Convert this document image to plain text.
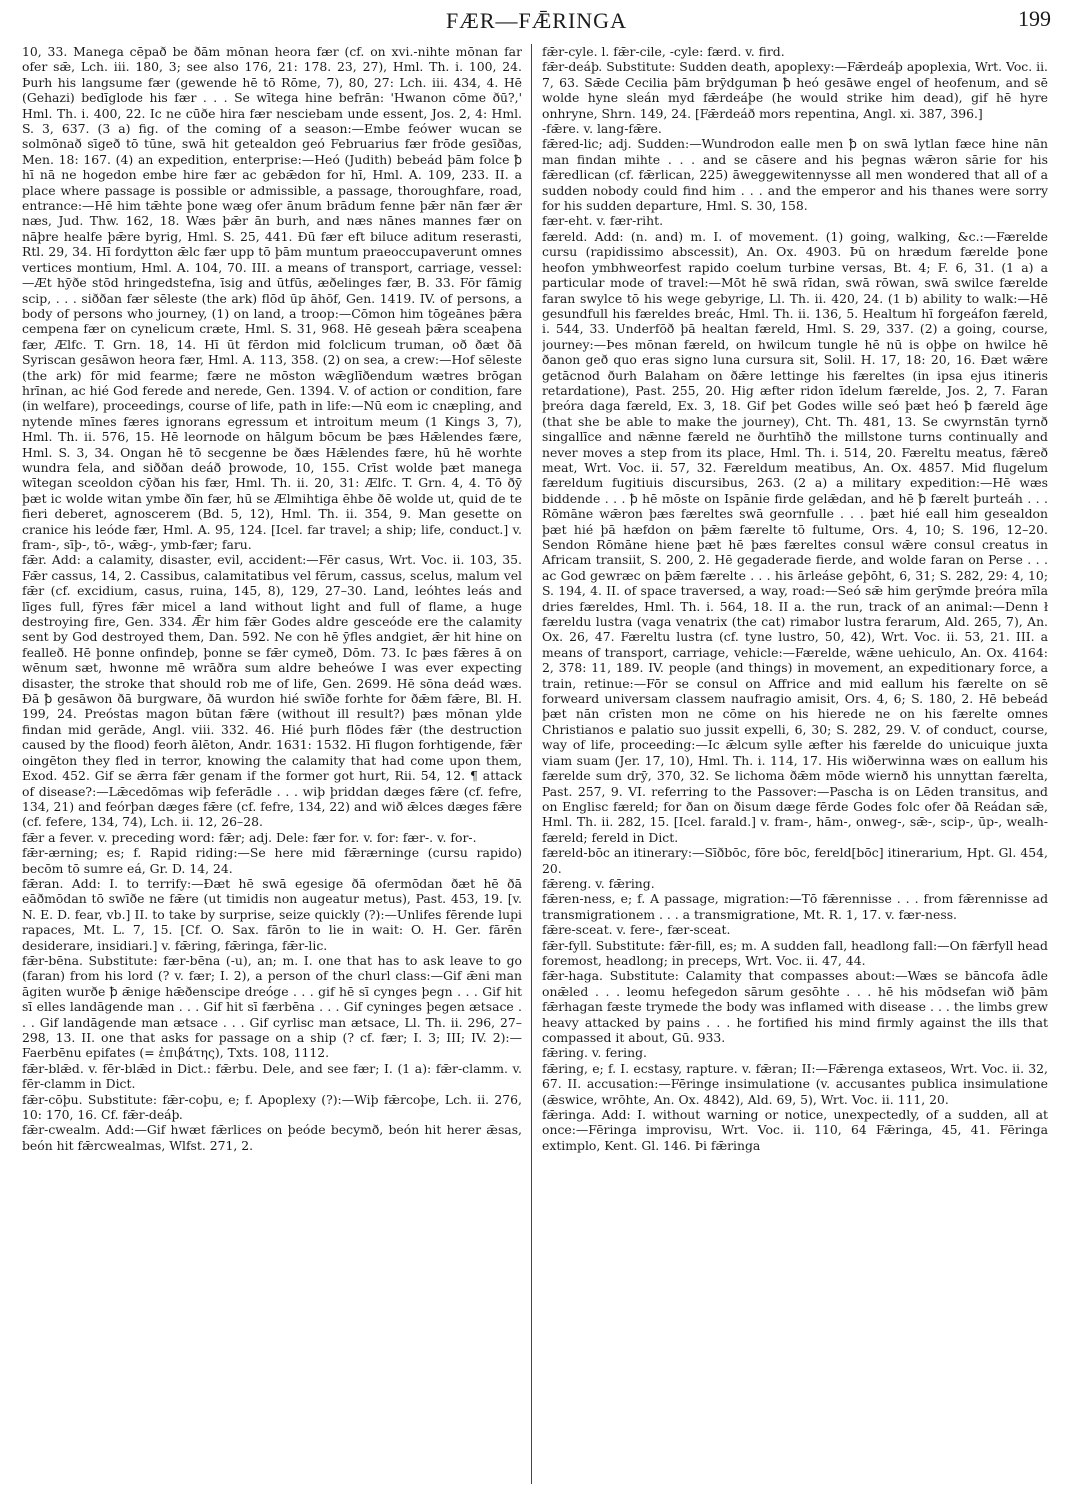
FÆR—FǢRINGA	199

10, 33. Manega cēpað be ðām mōnan heora fær (cf. on xvi.-nihte mōnan far ofer sǣ, Lch. iii. 180, 3; see also 176, 21: 178. 23, 27), Hml. Th. i. 100, 24. Þurh his langsume fær (gewende hē tō Rōme, 7), 80, 27: Lch. iii. 434, 4. Hē (Gehazi) bedīglode his fær . . . Se wītega hine befrān: 'Hwanon cōme ðū?,' Hml. Th. i. 400, 22. Ic ne cūðe hira fær nesciebam unde essent, Jos. 2, 4: Hml. S. 3, 637. (3 a) fig. of the coming of a season:—Embe feówer wucan se solmōnað sīgeð tō tūne, swā hit getealdon geó Februarius fær frōde gesīðas, Men. 18: 167. (4) an expedition, enterprise:—Heó (Judith) bebeád þām folce ꝥ hī nā ne hogedon embe hire fær ac gebǣdon for hī, Hml. A. 109, 233. II. a place where passage is possible or admissible, a passage, thoroughfare, road, entrance:—Hē him tǣhte þone wæg ofer ānum brādum fenne þǣr nān fær ǣr næs, Jud. Thw. 162, 18. Wæs þǣr ān burh, and næs nānes mannes fær on nāþre healfe þǣre byrig, Hml. S. 25, 441. Ðū fær eft biluce aditum reserasti, Rtl. 29, 34. Hī fordytton ǣlc fær upp tō þām muntum praeoccupaverunt omnes vertices montium, Hml. A. 104, 70. III. a means of transport, carriage, vessel:—Æt hȳðe stōd hringedstefna, īsig and ūtfūs, æðelinges fær, B. 33. Fōr fāmig scip, . . . siððan fær sēleste (the ark) flōd ūp āhōf, Gen. 1419. IV. of persons, a body of persons who journey, (1) on land, a troop:—Cōmon him tōgeānes þǣra cempena fær on cynelicum cræte, Hml. S. 31, 968. Hē geseah þǣra sceaþena fær, Ælfc. T. Grn. 18, 14. Hī ūt fērdon mid folclicum truman, oð ðæt ðā Syriscan gesāwon heora fær, Hml. A. 113, 358. (2) on sea, a crew:—Hof sēleste (the ark) fōr mid fearme; fære ne mōston wǣglīðendum wætres brōgan hrīnan, ac hié God ferede and nerede, Gen. 1394. V. of action or condition, fare (in welfare), proceedings, course of life, path in life:—Nū eom ic cnæpling, and nytende mīnes færes ignorans egressum et introitum meum (1 Kings 3, 7), Hml. Th. ii. 576, 15. Hē leornode on hālgum bōcum be þæs Hǣlendes fære, Hml. S. 3, 34. Ongan hē tō secgenne be ðæs Hǣlendes fære, hū hē worhte wundra fela, and siððan deáð þrowode, 10, 155. Crīst wolde þæt manega wītegan sceoldon cȳðan his fær, Hml. Th. ii. 20, 31: Ælfc. T. Grn. 4, 4. Tō ðȳ þæt ic wolde witan ymbe ðīn fær, hū se Ælmihtiga ēhbe ðē wolde ut, quid de te fieri deberet, agnoscerem (Bd. 5, 12), Hml. Th. ii. 354, 9. Man gesette on cranice his leóde fær, Hml. A. 95, 124. [Icel. far travel; a ship; life, conduct.] v. fram-, sīþ-, tō-, wǣg-, ymb-fær; faru.

fǣr. Add: a calamity, disaster, evil, accident:—Fēr casus, Wrt. Voc. ii. 103, 35. Fǣr cassus, 14, 2. Cassibus, calamitatibus vel fērum, cassus, scelus, malum vel fǣr (cf. excidium, casus, ruina, 145, 8), 129, 27–30. Land, leóhtes leás and līges full, fȳres fǣr micel a land without light and full of flame, a huge destroying fire, Gen. 334. Ǣr him fǣr Godes aldre gesceóde ere the calamity sent by God destroyed them, Dan. 592. Ne con hē ȳfles andgiet, ǣr hit hine on fealleð. Hē þonne onfindeþ, þonne se fǣr cymeð, Dōm. 73. Ic þæs fǣres ā on wēnum sæt, hwonne mē wrāðra sum aldre beheówe I was ever expecting disaster, the stroke that should rob me of life, Gen. 2699. Hē sōna deád wæs. Ðā ꝥ gesāwon ðā burgware, ðā wurdon hié swīðe forhte for ðǣm fǣre, Bl. H. 199, 24. Preóstas magon būtan fǣre (without ill result?) þæs mōnan ylde findan mid gerāde, Angl. viii. 332. 46. Hié þurh flōdes fǣr (the destruction caused by the flood) feorh ālēton, Andr. 1631: 1532. Hī flugon forhtigende, fǣr oingēton they fled in terror, knowing the calamity that had come upon them, Exod. 452. Gif se ǣrra fǣr genam if the former got hurt, Rii. 54, 12. ¶ attack of disease?:—Lǣcedōmas wiþ feferādle . . . wiþ þriddan dæges fǣre (cf. fefre, 134, 21) and feórþan dæges fǣre (cf. fefre, 134, 22) and wið ǣlces dæges fǣre (cf. fefere, 134, 74), Lch. ii. 12, 26–28.

fǣr a fever. v. preceding word: fǣr; adj. Dele: fær for. v. for: fær-. v. for-.

fǣr-ærning; es; f. Rapid riding:—Se here mid fǣrærninge (cursu rapido) becōm tō sumre eá, Gr. D. 14, 24.

fǣran. Add: I. to terrify:—Ðæt hē swā egesige ðā ofermōdan ðæt hē ðā eāðmōdan tō swīðe ne fǣre (ut timidis non augeatur metus), Past. 453, 19. [v. N. E. D. fear, vb.] II. to take by surprise, seize quickly (?):—Unlifes fērende lupi rapaces, Mt. L. 7, 15. [Cf. O. Sax. fārōn to lie in wait: O. H. Ger. fārēn desiderare, insidiari.] v. fǣring, fǣringa, fǣr-lic.

fǣr-bēna. Substitute: fær-bēna (-u), an; m. I. one that has to ask leave to go (faran) from his lord (? v. fær; I. 2), a person of the churl class:—Gif ǣni man āgiten wurðe ꝥ ǣnige hǣðenscipe dreóge . . . gif hē sī cynges þegn . . . Gif hit sī elles landāgende man . . . Gif hit sī færbēna . . . Gif cyninges þegen ætsace . . . Gif landāgende man ætsace . . . Gif cyrlisc man ætsace, Ll. Th. ii. 296, 27–298, 13. II. one that asks for passage on a ship (? cf. fær; I. 3; III; IV. 2):—Faerbēnu epifates (= ἐπιβάτης), Txts. 108, 1112.

fǣr-blǣd. v. fēr-blǣd in Dict.: fǣrbu. Dele, and see fær; I. (1 a): fǣr-clamm. v. fēr-clamm in Dict.

fǣr-cōþu. Substitute: fǣr-coþu, e; f. Apoplexy (?):—Wiþ fǣrcoþe, Lch. ii. 276, 10: 170, 16. Cf. fǣr-deáþ.

fǣr-cwealm. Add:—Gif hwæt fǣrlices on þeóde becymð, beón hit herer ǣsas, beón hit fǣrcwealmas, Wlfst. 271, 2.

fǣr-cyle. l. fǣr-cile, -cyle: færd. v. fird.

fǣr-deáþ. Substitute: Sudden death, apoplexy:—Fǣrdeáþ apoplexia, Wrt. Voc. ii. 7, 63. Sǣde Cecilia þām brȳdguman ꝥ heó gesāwe engel of heofenum, and sē wolde hyne sleán myd fǣrdeáþe (he would strike him dead), gif hē hyre onhryne, Shrn. 149, 24. [Fǣrdeáð mors repentina, Angl. xi. 387, 396.]

-fǣre. v. lang-fǣre.

fǣred-lic; adj. Sudden:—Wundrodon ealle men ꝥ on swā lytlan fæce hine nān man findan mihte . . . and se cāsere and his þegnas wǣron sārie for his fǣredlican (cf. fǣrlican, 225) āweggewitennysse all men wondered that all of a sudden nobody could find him . . . and the emperor and his thanes were sorry for his sudden departure, Hml. S. 30, 158.

fær-eht. v. fær-riht.

færeld. Add: (n. and) m. I. of movement. (1) going, walking, &c.:—Færelde cursu (rapidissimo abscessit), An. Ox. 4903. Þū on hrædum færelde þone heofon ymbhweorfest rapido coelum turbine versas, Bt. 4; F. 6, 31. (1 a) a particular mode of travel:—Mōt hē swā rīdan, swā rōwan, swā swilce færelde faran swylce tō his wege gebyrige, Ll. Th. ii. 420, 24. (1 b) ability to walk:—Hē gesundfull his færeldes breác, Hml. Th. ii. 136, 5. Healtum hī forgeáfon færeld, i. 544, 33. Underfōð þā healtan færeld, Hml. S. 29, 337. (2) a going, course, journey:—Þes mōnan færeld, on hwilcum tungle hē nū is oþþe on hwilce hē ðanon geð quo eras signo luna cursura sit, Solil. H. 17, 18: 20, 16. Ðæt wǣre getācnod ðurh Balaham on ðǣre lettinge his færeltes (in ipsa ejus itineris retardatione), Past. 255, 20. Hig æfter ridon īdelum færelde, Jos. 2, 7. Faran þreóra daga færeld, Ex. 3, 18. Gif þet Godes wille seó þæt heó ꝥ færeld āge (that she be able to make the journey), Cht. Th. 481, 13. Se cwyrnstān tyrnð singallīce and nǣnne færeld ne ðurhtīhð the millstone turns continually and never moves a step from its place, Hml. Th. i. 514, 20. Færeltu meatus, fǣreð meat, Wrt. Voc. ii. 57, 32. Færeldum meatibus, An. Ox. 4857. Mid flugelum færeldum fugitiuis discursibus, 263. (2 a) a military expedition:—Hē wæs biddende . . . ꝥ hē mōste on Ispānie firde gelǣdan, and hē ꝥ færelt þurteáh . . . Rōmāne wǣron þæs færeltes swā geornfulle . . . þæt hié eall him gesealdon þæt hié þā hæfdon on þǣm færelte tō fultume, Ors. 4, 10; S. 196, 12–20. Sendon Rōmāne hiene þæt hē þæs færeltes consul wǣre consul creatus in Africam transiit, S. 200, 2. Hē gegaderade fierde, and wolde faran on Perse . . . ac God gewræc on þǣm færelte . . . his ārleáse geþōht, 6, 31; S. 282, 29: 4, 10; S. 194, 4. II. of space traversed, a way, road:—Seó sǣ him gerȳmde þreóra mīla dries færeldes, Hml. Th. i. 564, 18. II a. the run, track of an animal:—Denn ł færeldu lustra (vaga venatrix (the cat) rimabor lustra ferarum, Ald. 265, 7), An. Ox. 26, 47. Færeltu lustra (cf. tyne lustro, 50, 42), Wrt. Voc. ii. 53, 21. III. a means of transport, carriage, vehicle:—Færelde, wǣne uehiculo, An. Ox. 4164: 2, 378: 11, 189. IV. people (and things) in movement, an expeditionary force, a train, retinue:—Fōr se consul on Affrice and mid eallum his færelte on sē forweard universam classem naufragio amisit, Ors. 4, 6; S. 180, 2. Hē bebeád þæt nān crīsten mon ne cōme on his hierede ne on his færelte omnes Christianos e palatio suo jussit expelli, 6, 30; S. 282, 29. V. of conduct, course, way of life, proceeding:—Ic ǣlcum sylle æfter his færelde do unicuique juxta viam suam (Jer. 17, 10), Hml. Th. i. 114, 17. His wiðerwinna wæs on eallum his færelde sum drȳ, 370, 32. Se lichoma ðǣm mōde wiernð his unnyttan færelta, Past. 257, 9. VI. referring to the Passover:—Pascha is on Lēden transitus, and on Englisc færeld; for ðan on ðisum dæge fērde Godes folc ofer ðā Reádan sǣ, Hml. Th. ii. 282, 15. [Icel. farald.] v. fram-, hām-, onweg-, sǣ-, scip-, ūp-, wealh-færeld; fereld in Dict.

færeld-bōc an itinerary:—Sīðbōc, fōre bōc, fereld[bōc] itinerarium, Hpt. Gl. 454, 20.

fǣreng. v. fǣring.

fǣren-ness, e; f. A passage, migration:—Tō fǣrennisse . . . from fǣrennisse ad transmigrationem . . . a transmigratione, Mt. R. 1, 17. v. fær-ness.

fǣre-sceat. v. fere-, fær-sceat.

fǣr-fyll. Substitute: fǣr-fill, es; m. A sudden fall, headlong fall:—On fǣrfyll head foremost, headlong; in preceps, Wrt. Voc. ii. 47, 44.

fǣr-haga. Substitute: Calamity that compasses about:—Wæs se bāncofa ādle onǣled . . . leomu hefegedon sārum gesōhte . . . hē his mōdsefan wið þām fǣrhagan fæste trymede the body was inflamed with disease . . . the limbs grew heavy attacked by pains . . . he fortified his mind firmly against the ills that compassed it about, Gū. 933.

fǣring. v. fering.

fǣring, e; f. I. ecstasy, rapture. v. fǣran; II:—Fǣrenga extaseos, Wrt. Voc. ii. 32, 67. II. accusation:—Fēringe insimulatione (v. accusantes publica insimulatione (ǣswice, wrōhte, An. Ox. 4842), Ald. 69, 5), Wrt. Voc. ii. 111, 20.

fǣringa. Add: I. without warning or notice, unexpectedly, of a sudden, all at once:—Fēringa improvisu, Wrt. Voc. ii. 110, 64 Fǣringa, 45, 41. Fēringa extimplo, Kent. Gl. 146. Þi fǣringa
